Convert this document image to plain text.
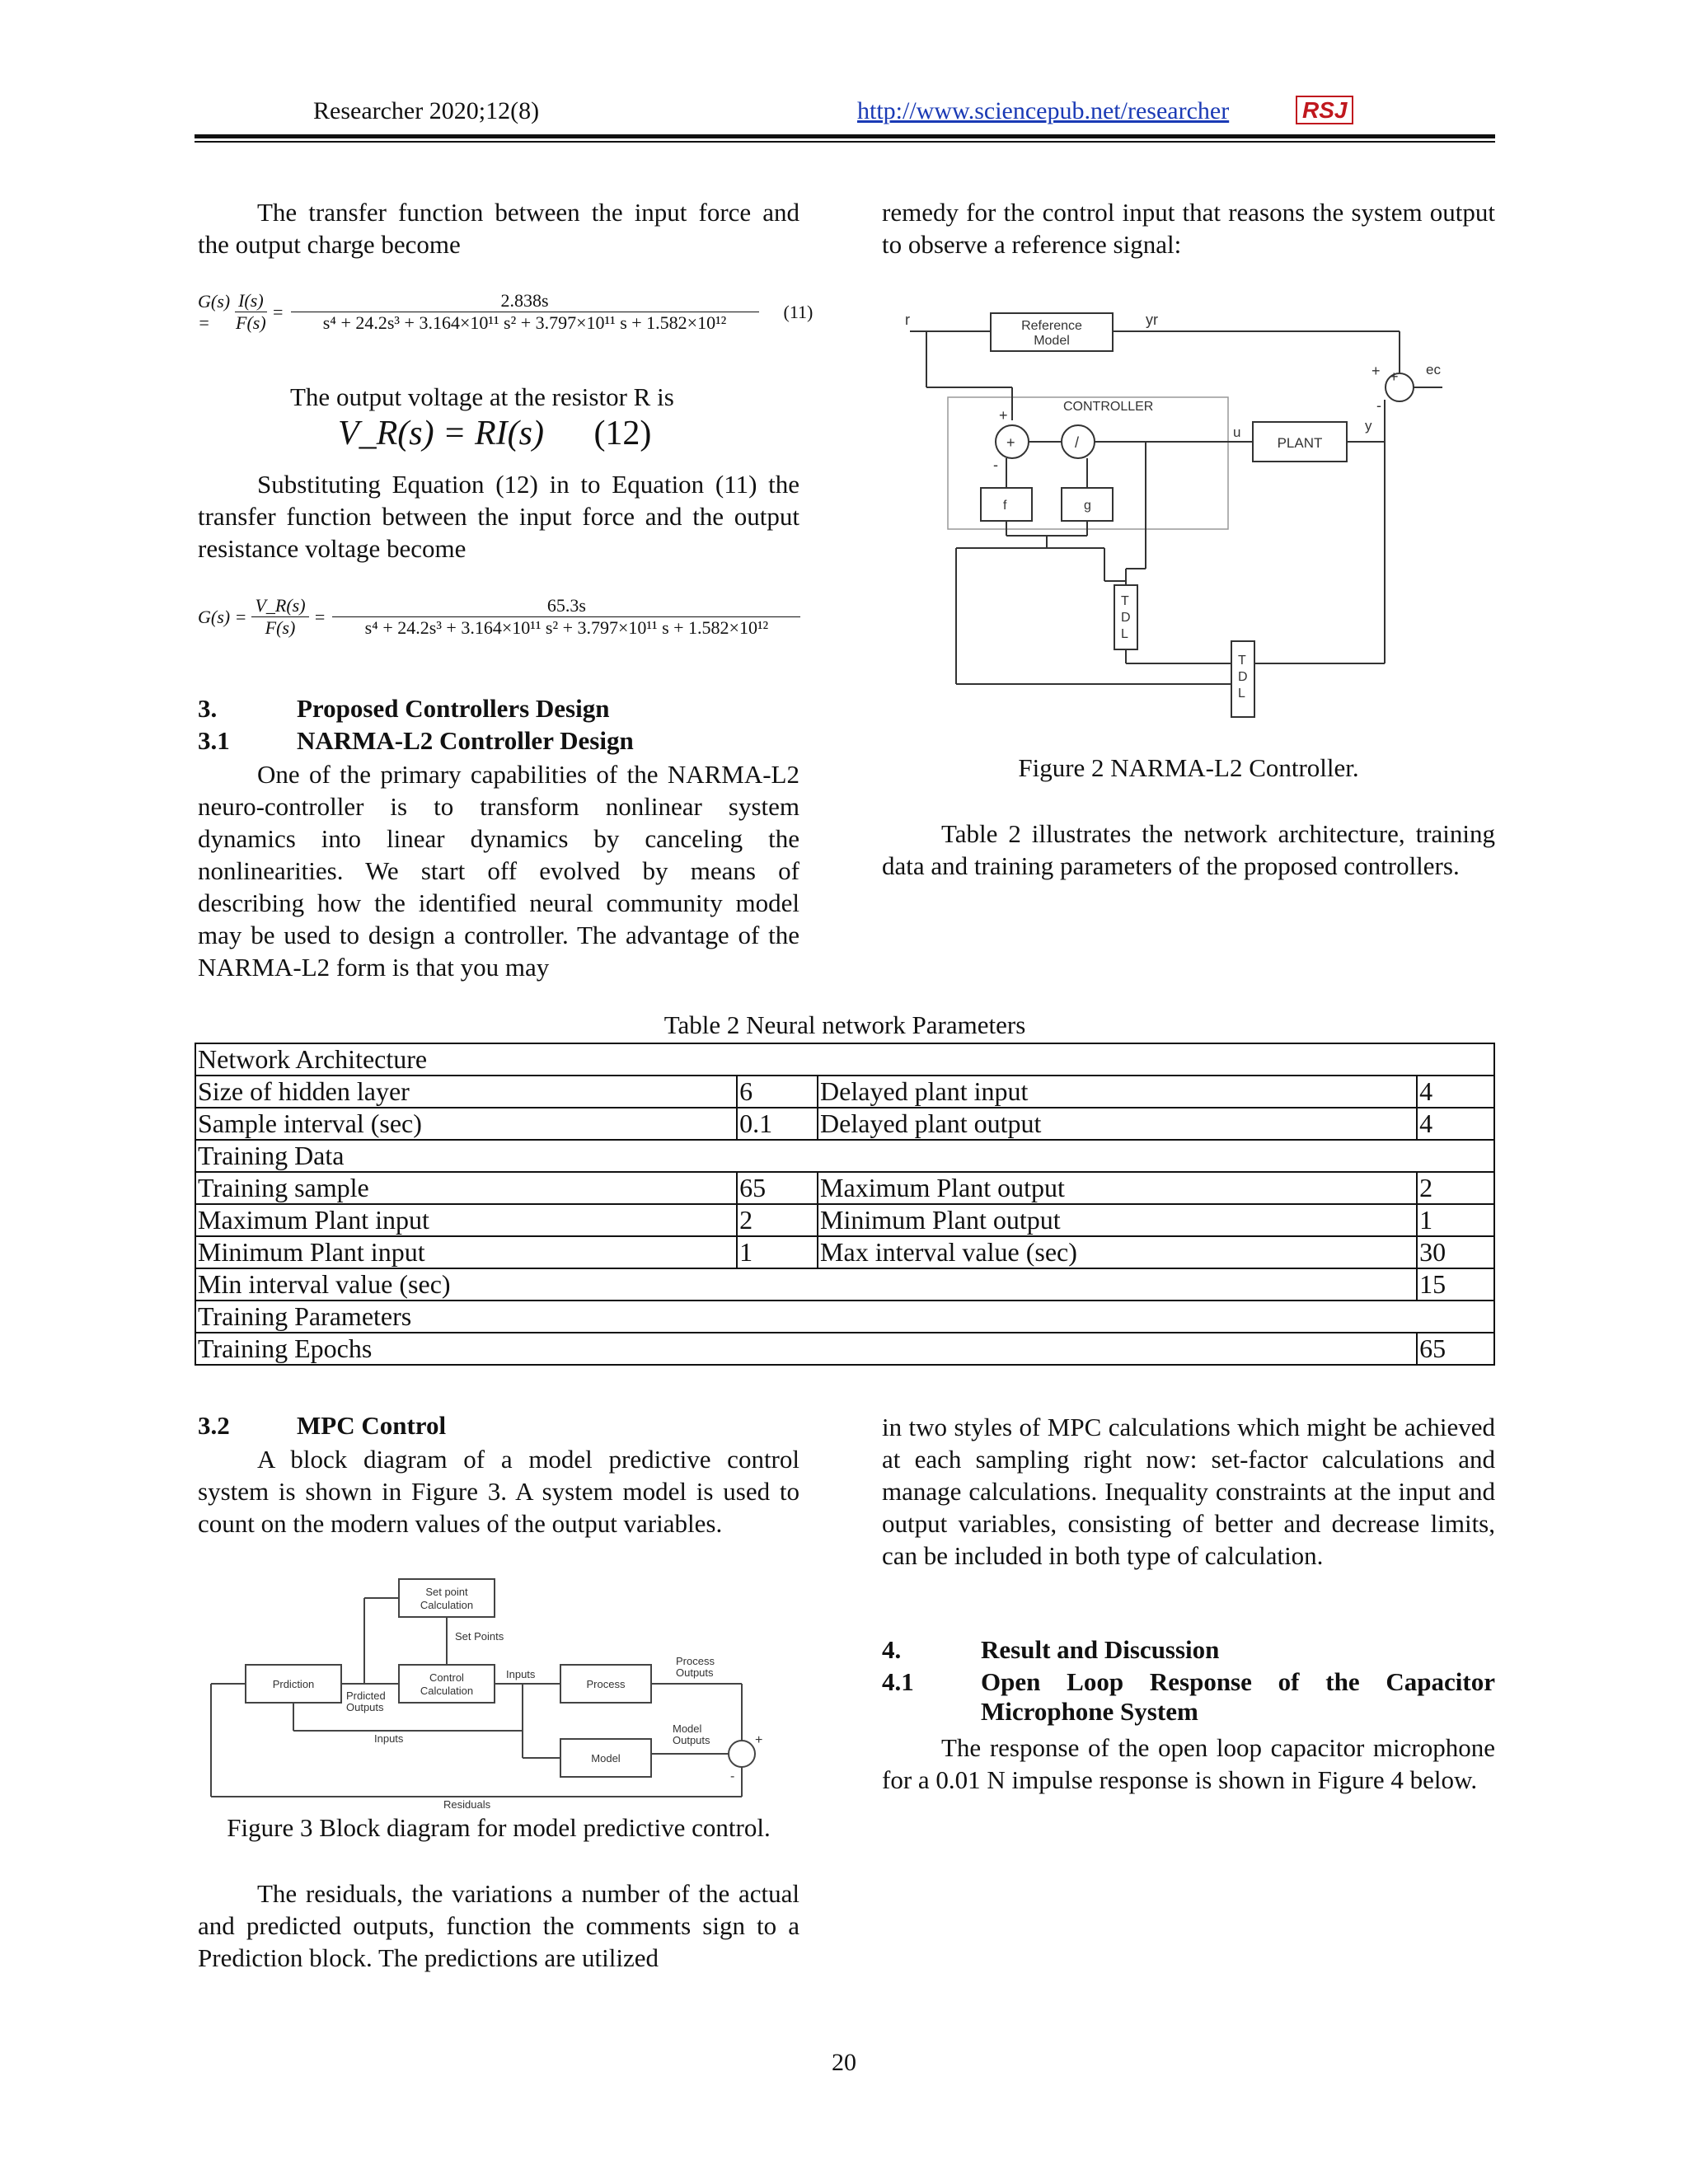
Researcher 2020;12(8)	http://www.sciencepub.net/researcher	RSJ

The transfer function between the input force and the output charge become

G(s) =	$\frac{I(s)}{F(s)} = \frac{2.838s}{\text{s⁴ + 24.2s³ + 3.164×10¹¹ s² + 3.797×10¹¹ s + 1.582×10¹²}} (11)$
The output voltage at the resistor R is
V_R(s) = RI(s) (12)

Substituting Equation (12) in to Equation (11) the transfer function between the input force and the output resistance voltage become

$G(s) = \frac{V\_R(s)}{F(s)} = \frac{65.3s}{\text{s⁴ + 24.2s³ + 3.164×10¹¹ s² + 3.797×10¹¹ s + 1.582×10¹²}}$
3.	Proposed Controllers Design
3.1	NARMA-L2 Controller Design

One of the primary capabilities of the NARMA-L2 neuro-controller is to transform nonlinear system dynamics into linear dynamics by canceling the nonlinearities. We start off evolved by means of describing how the identified neural community model may be used to design a controller. The advantage of the NARMA-L2 form is that you may

remedy for the control input that reasons the system output to observe a reference signal:

r	yr
Reference
Model
ec
+
+
-
CONTROLLER
+
+
-
/
f	g
u
PLANT
y
T
D
L
T
D
L
Figure 2 NARMA-L2 Controller.

Table 2 illustrates the network architecture, training data and training parameters of the proposed controllers.

Table 2 Neural network Parameters
Network Architecture			
Size of hidden layer	6	Delayed plant input	4
Sample interval (sec)	0.1	Delayed plant output	4
Training Data			
Training sample	65	Maximum Plant output	2
Maximum Plant input	2	Minimum Plant output	1
Minimum Plant input	1	Max interval value (sec)	30
Min interval value (sec)			15
Training Parameters			
Training Epochs			65
3.2	MPC Control

A block diagram of a model predictive control system is shown in Figure 3. A system model is used to count on the modern values of the output variables.

Set point
Calculation
Set Points
Prdiction
Prdicted
Outputs
Control
Calculation
Inputs
Process
Process
Outputs
Model
Outputs
Model
Inputs
Residuals
+
-
Figure 3 Block diagram for model predictive control.

The residuals, the variations a number of the actual and predicted outputs, function the comments sign to a Prediction block. The predictions are utilized

in two styles of MPC calculations which might be achieved at each sampling right now: set-factor calculations and manage calculations. Inequality constraints at the input and output variables, consisting of better and decrease limits, can be included in both type of calculation.

4.	Result and Discussion
4.1	Open Loop Response of the Capacitor Microphone System

The response of the open loop capacitor microphone for a 0.01 N impulse response is shown in Figure 4 below.

20
